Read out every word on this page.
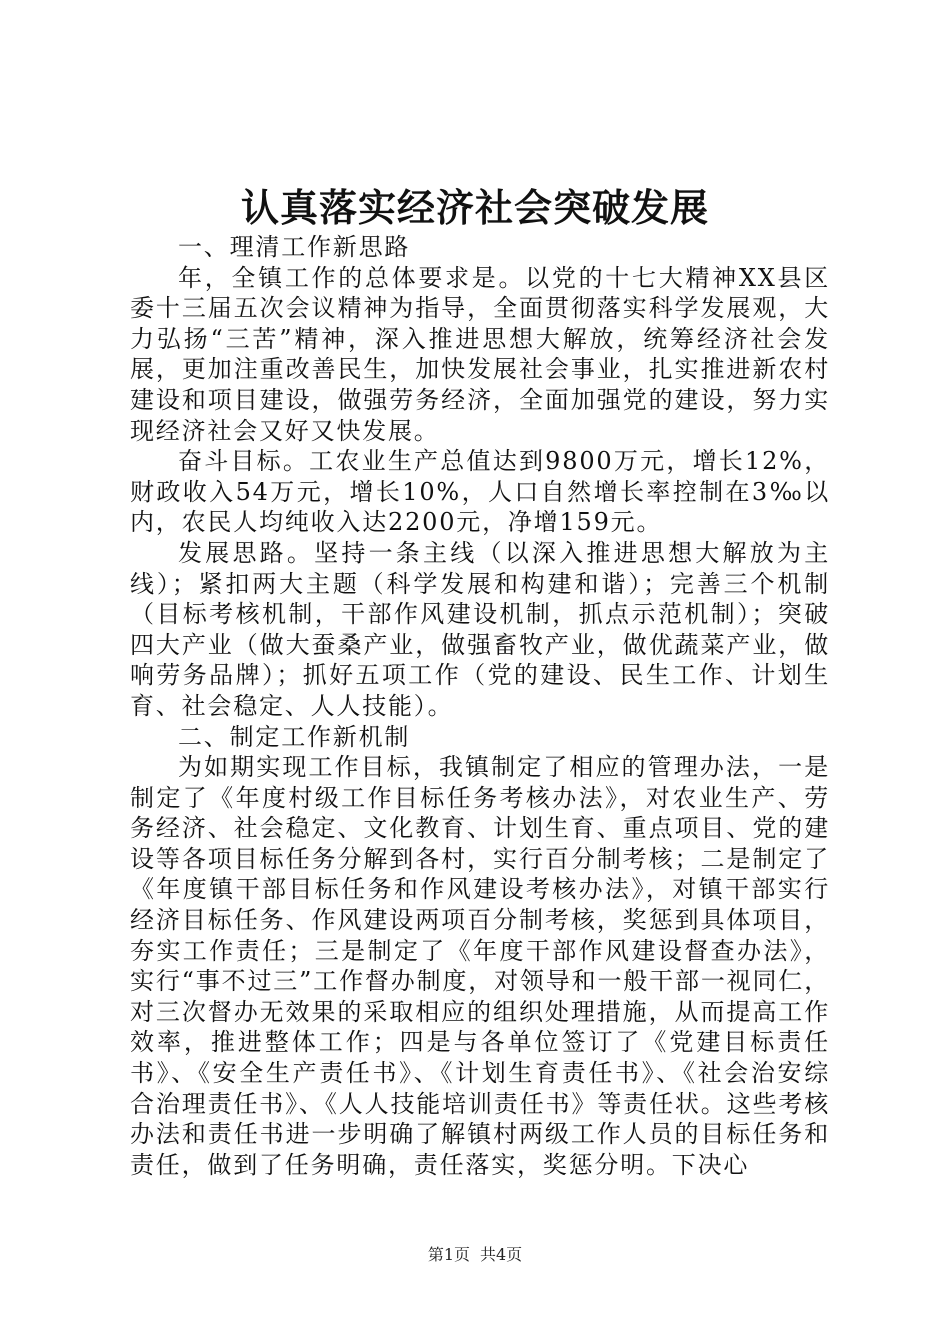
认真落实经济社会突破发展

一、理清工作新思路

年，全镇工作的总体要求是。以党的十七大精神XX县区委十三届五次会议精神为指导，全面贯彻落实科学发展观，大力弘扬“三苦”精神，深入推进思想大解放，统筹经济社会发展，更加注重改善民生，加快发展社会事业，扎实推进新农村建设和项目建设，做强劳务经济，全面加强党的建设，努力实现经济社会又好又快发展。

奋斗目标。工农业生产总值达到9800万元，增长12%，财政收入54万元，增长10%，人口自然增长率控制在3‰以内，农民人均纯收入达2200元，净增159元。

发展思路。坚持一条主线（以深入推进思想大解放为主线）；紧扣两大主题（科学发展和构建和谐）；完善三个机制（目标考核机制，干部作风建设机制，抓点示范机制）；突破四大产业（做大蚕桑产业，做强畜牧产业，做优蔬菜产业，做响劳务品牌）；抓好五项工作（党的建设、民生工作、计划生育、社会稳定、人人技能）。

二、制定工作新机制

为如期实现工作目标，我镇制定了相应的管理办法，一是制定了《年度村级工作目标任务考核办法》，对农业生产、劳务经济、社会稳定、文化教育、计划生育、重点项目、党的建设等各项目标任务分解到各村，实行百分制考核；二是制定了《年度镇干部目标任务和作风建设考核办法》，对镇干部实行经济目标任务、作风建设两项百分制考核，奖惩到具体项目，夯实工作责任；三是制定了《年度干部作风建设督查办法》，实行“事不过三”工作督办制度，对领导和一般干部一视同仁，对三次督办无效果的采取相应的组织处理措施，从而提高工作效率，推进整体工作；四是与各单位签订了《党建目标责任书》、《安全生产责任书》、《计划生育责任书》、《社会治安综合治理责任书》、《人人技能培训责任书》等责任状。这些考核办法和责任书进一步明确了解镇村两级工作人员的目标任务和责任，做到了任务明确，责任落实，奖惩分明。下决心

第1页 共4页
